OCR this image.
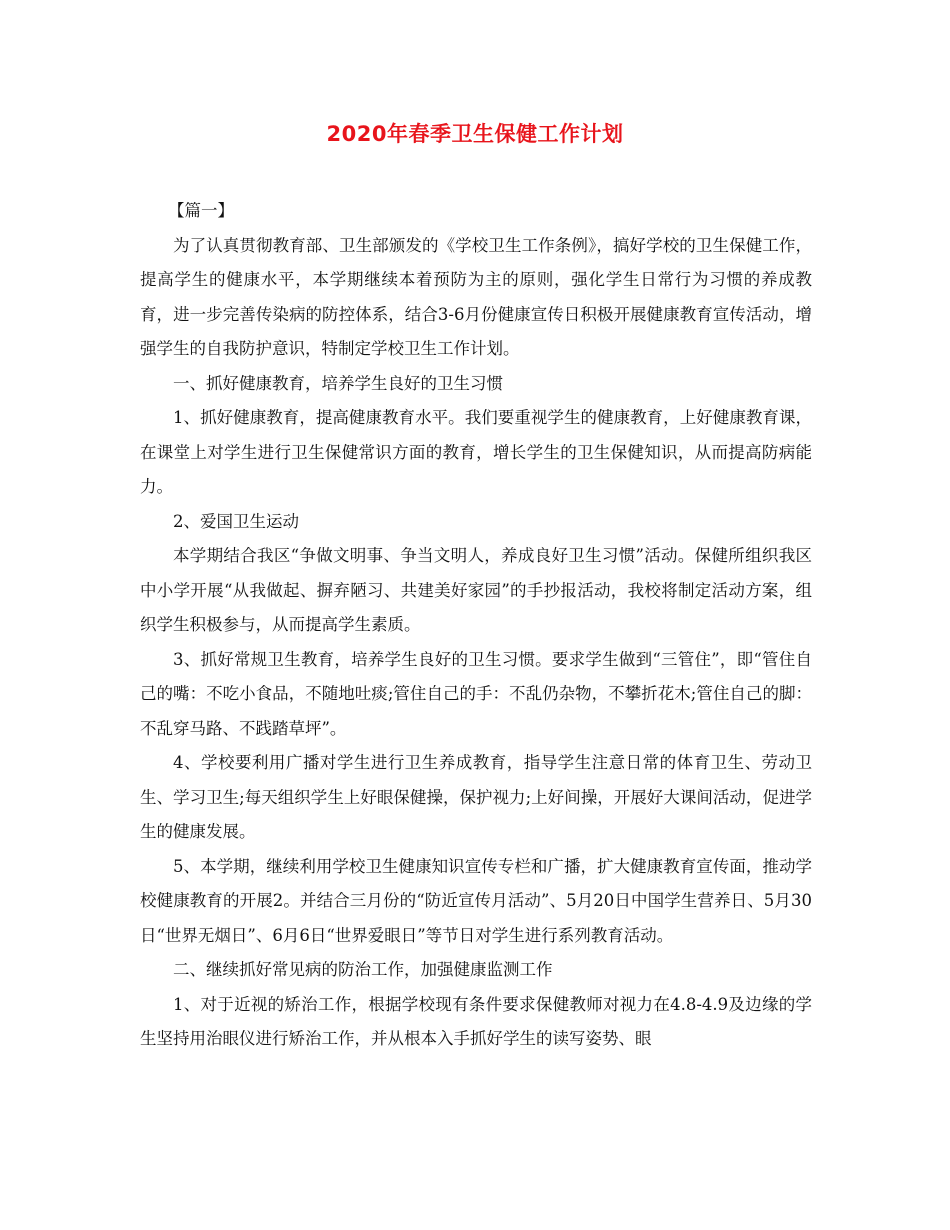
2020年春季卫生保健工作计划

【篇一】

为了认真贯彻教育部、卫生部颁发的《学校卫生工作条例》，搞好学校的卫生保健工作，提高学生的健康水平，本学期继续本着预防为主的原则，强化学生日常行为习惯的养成教育，进一步完善传染病的防控体系，结合3-6月份健康宣传日积极开展健康教育宣传活动，增强学生的自我防护意识，特制定学校卫生工作计划。

一、抓好健康教育，培养学生良好的卫生习惯

1、抓好健康教育，提高健康教育水平。我们要重视学生的健康教育，上好健康教育课，在课堂上对学生进行卫生保健常识方面的教育，增长学生的卫生保健知识，从而提高防病能力。

2、爱国卫生运动

本学期结合我区“争做文明事、争当文明人，养成良好卫生习惯”活动。保健所组织我区中小学开展“从我做起、摒弃陋习、共建美好家园”的手抄报活动，我校将制定活动方案，组织学生积极参与，从而提高学生素质。

3、抓好常规卫生教育，培养学生良好的卫生习惯。要求学生做到“三管住”，即“管住自己的嘴：不吃小食品，不随地吐痰;管住自己的手：不乱仍杂物，不攀折花木;管住自己的脚：不乱穿马路、不践踏草坪”。

4、学校要利用广播对学生进行卫生养成教育，指导学生注意日常的体育卫生、劳动卫生、学习卫生;每天组织学生上好眼保健操，保护视力;上好间操，开展好大课间活动，促进学生的健康发展。

5、本学期，继续利用学校卫生健康知识宣传专栏和广播，扩大健康教育宣传面，推动学校健康教育的开展2。并结合三月份的“防近宣传月活动”、5月20日中国学生营养日、5月30日“世界无烟日”、6月6日“世界爱眼日”等节日对学生进行系列教育活动。

二、继续抓好常见病的防治工作，加强健康监测工作

1、对于近视的矫治工作，根据学校现有条件要求保健教师对视力在4.8-4.9及边缘的学生坚持用治眼仪进行矫治工作，并从根本入手抓好学生的读写姿势、眼
